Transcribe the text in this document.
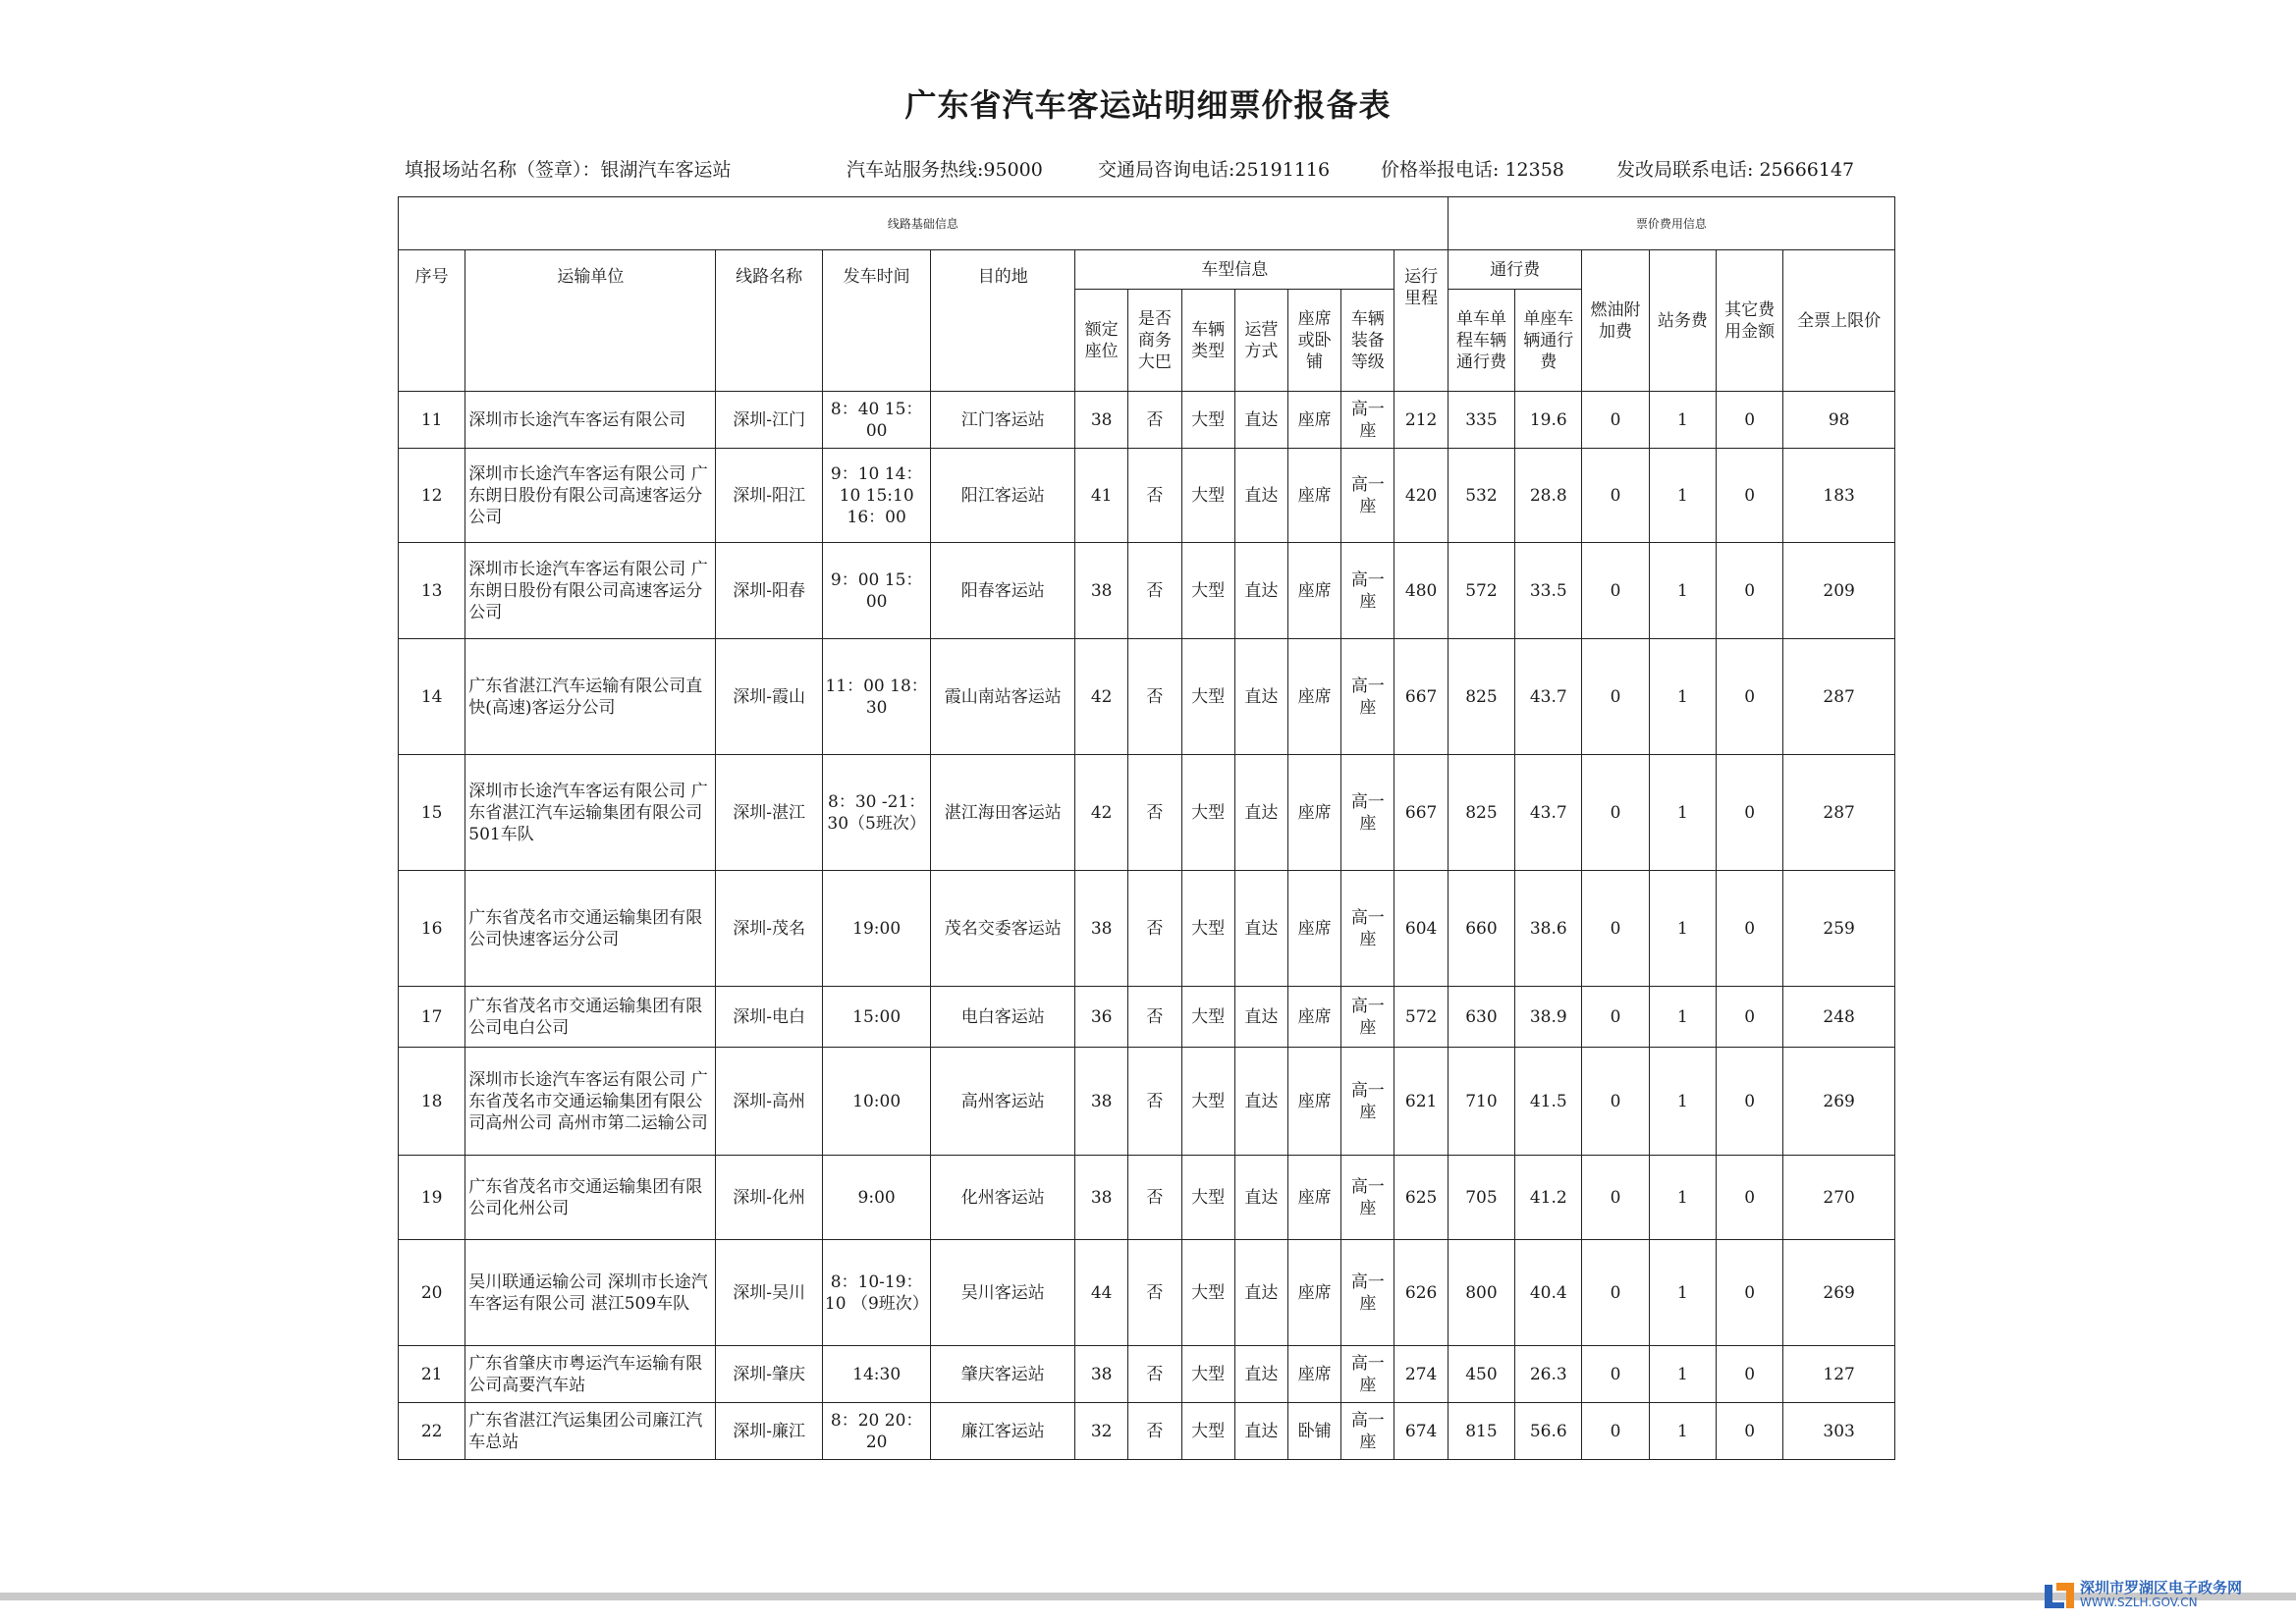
广东省汽车客运站明细票价报备表
填报场站名称（签章）：银湖汽车客运站	汽车站服务热线:95000	交通局咨询电话:25191116	价格举报电话: 12358	发改局联系电话: 25666147
线路基础信息												票价费用信息					
序号	运输单位	线路名称	发车时间	目的地	车型信息						运行里程	通行费		燃油附加费	站务费	其它费用金额	全票上限价
					额定座位	是否商务大巴	车辆类型	运营方式	座席或卧铺	车辆装备等级		单车单程车辆通行费	单座车辆通行费				
11	深圳市长途汽车客运有限公司	深圳-江门	8：40 15：00	江门客运站	38	否	大型	直达	座席	高一座	212	335	19.6	0	1	0	98
12	深圳市长途汽车客运有限公司 广东朗日股份有限公司高速客运分公司	深圳-阳江	9：10 14：10 15:10 16：00	阳江客运站	41	否	大型	直达	座席	高一座	420	532	28.8	0	1	0	183
13	深圳市长途汽车客运有限公司 广东朗日股份有限公司高速客运分公司	深圳-阳春	9：00 15：00	阳春客运站	38	否	大型	直达	座席	高一座	480	572	33.5	0	1	0	209
14	广东省湛江汽车运输有限公司直快(高速)客运分公司	深圳-霞山	11：00 18：30	霞山南站客运站	42	否	大型	直达	座席	高一座	667	825	43.7	0	1	0	287
15	深圳市长途汽车客运有限公司 广东省湛江汽车运输集团有限公司501车队	深圳-湛江	8：30 -21：30（5班次）	湛江海田客运站	42	否	大型	直达	座席	高一座	667	825	43.7	0	1	0	287
16	广东省茂名市交通运输集团有限公司快速客运分公司	深圳-茂名	19:00	茂名交委客运站	38	否	大型	直达	座席	高一座	604	660	38.6	0	1	0	259
17	广东省茂名市交通运输集团有限公司电白公司	深圳-电白	15:00	电白客运站	36	否	大型	直达	座席	高一座	572	630	38.9	0	1	0	248
18	深圳市长途汽车客运有限公司 广东省茂名市交通运输集团有限公司高州公司 高州市第二运输公司	深圳-高州	10:00	高州客运站	38	否	大型	直达	座席	高一座	621	710	41.5	0	1	0	269
19	广东省茂名市交通运输集团有限公司化州公司	深圳-化州	9:00	化州客运站	38	否	大型	直达	座席	高一座	625	705	41.2	0	1	0	270
20	吴川联通运输公司 深圳市长途汽车客运有限公司 湛江509车队	深圳-吴川	8：10-19：10 （9班次）	吴川客运站	44	否	大型	直达	座席	高一座	626	800	40.4	0	1	0	269
21	广东省肇庆市粤运汽车运输有限公司高要汽车站	深圳-肇庆	14:30	肇庆客运站	38	否	大型	直达	座席	高一座	274	450	26.3	0	1	0	127
22	广东省湛江汽运集团公司廉江汽车总站	深圳-廉江	8：20 20：20	廉江客运站	32	否	大型	直达	卧铺	高一座	674	815	56.6	0	1	0	303
深圳市罗湖区电子政务网
WWW.SZLH.GOV.CN
